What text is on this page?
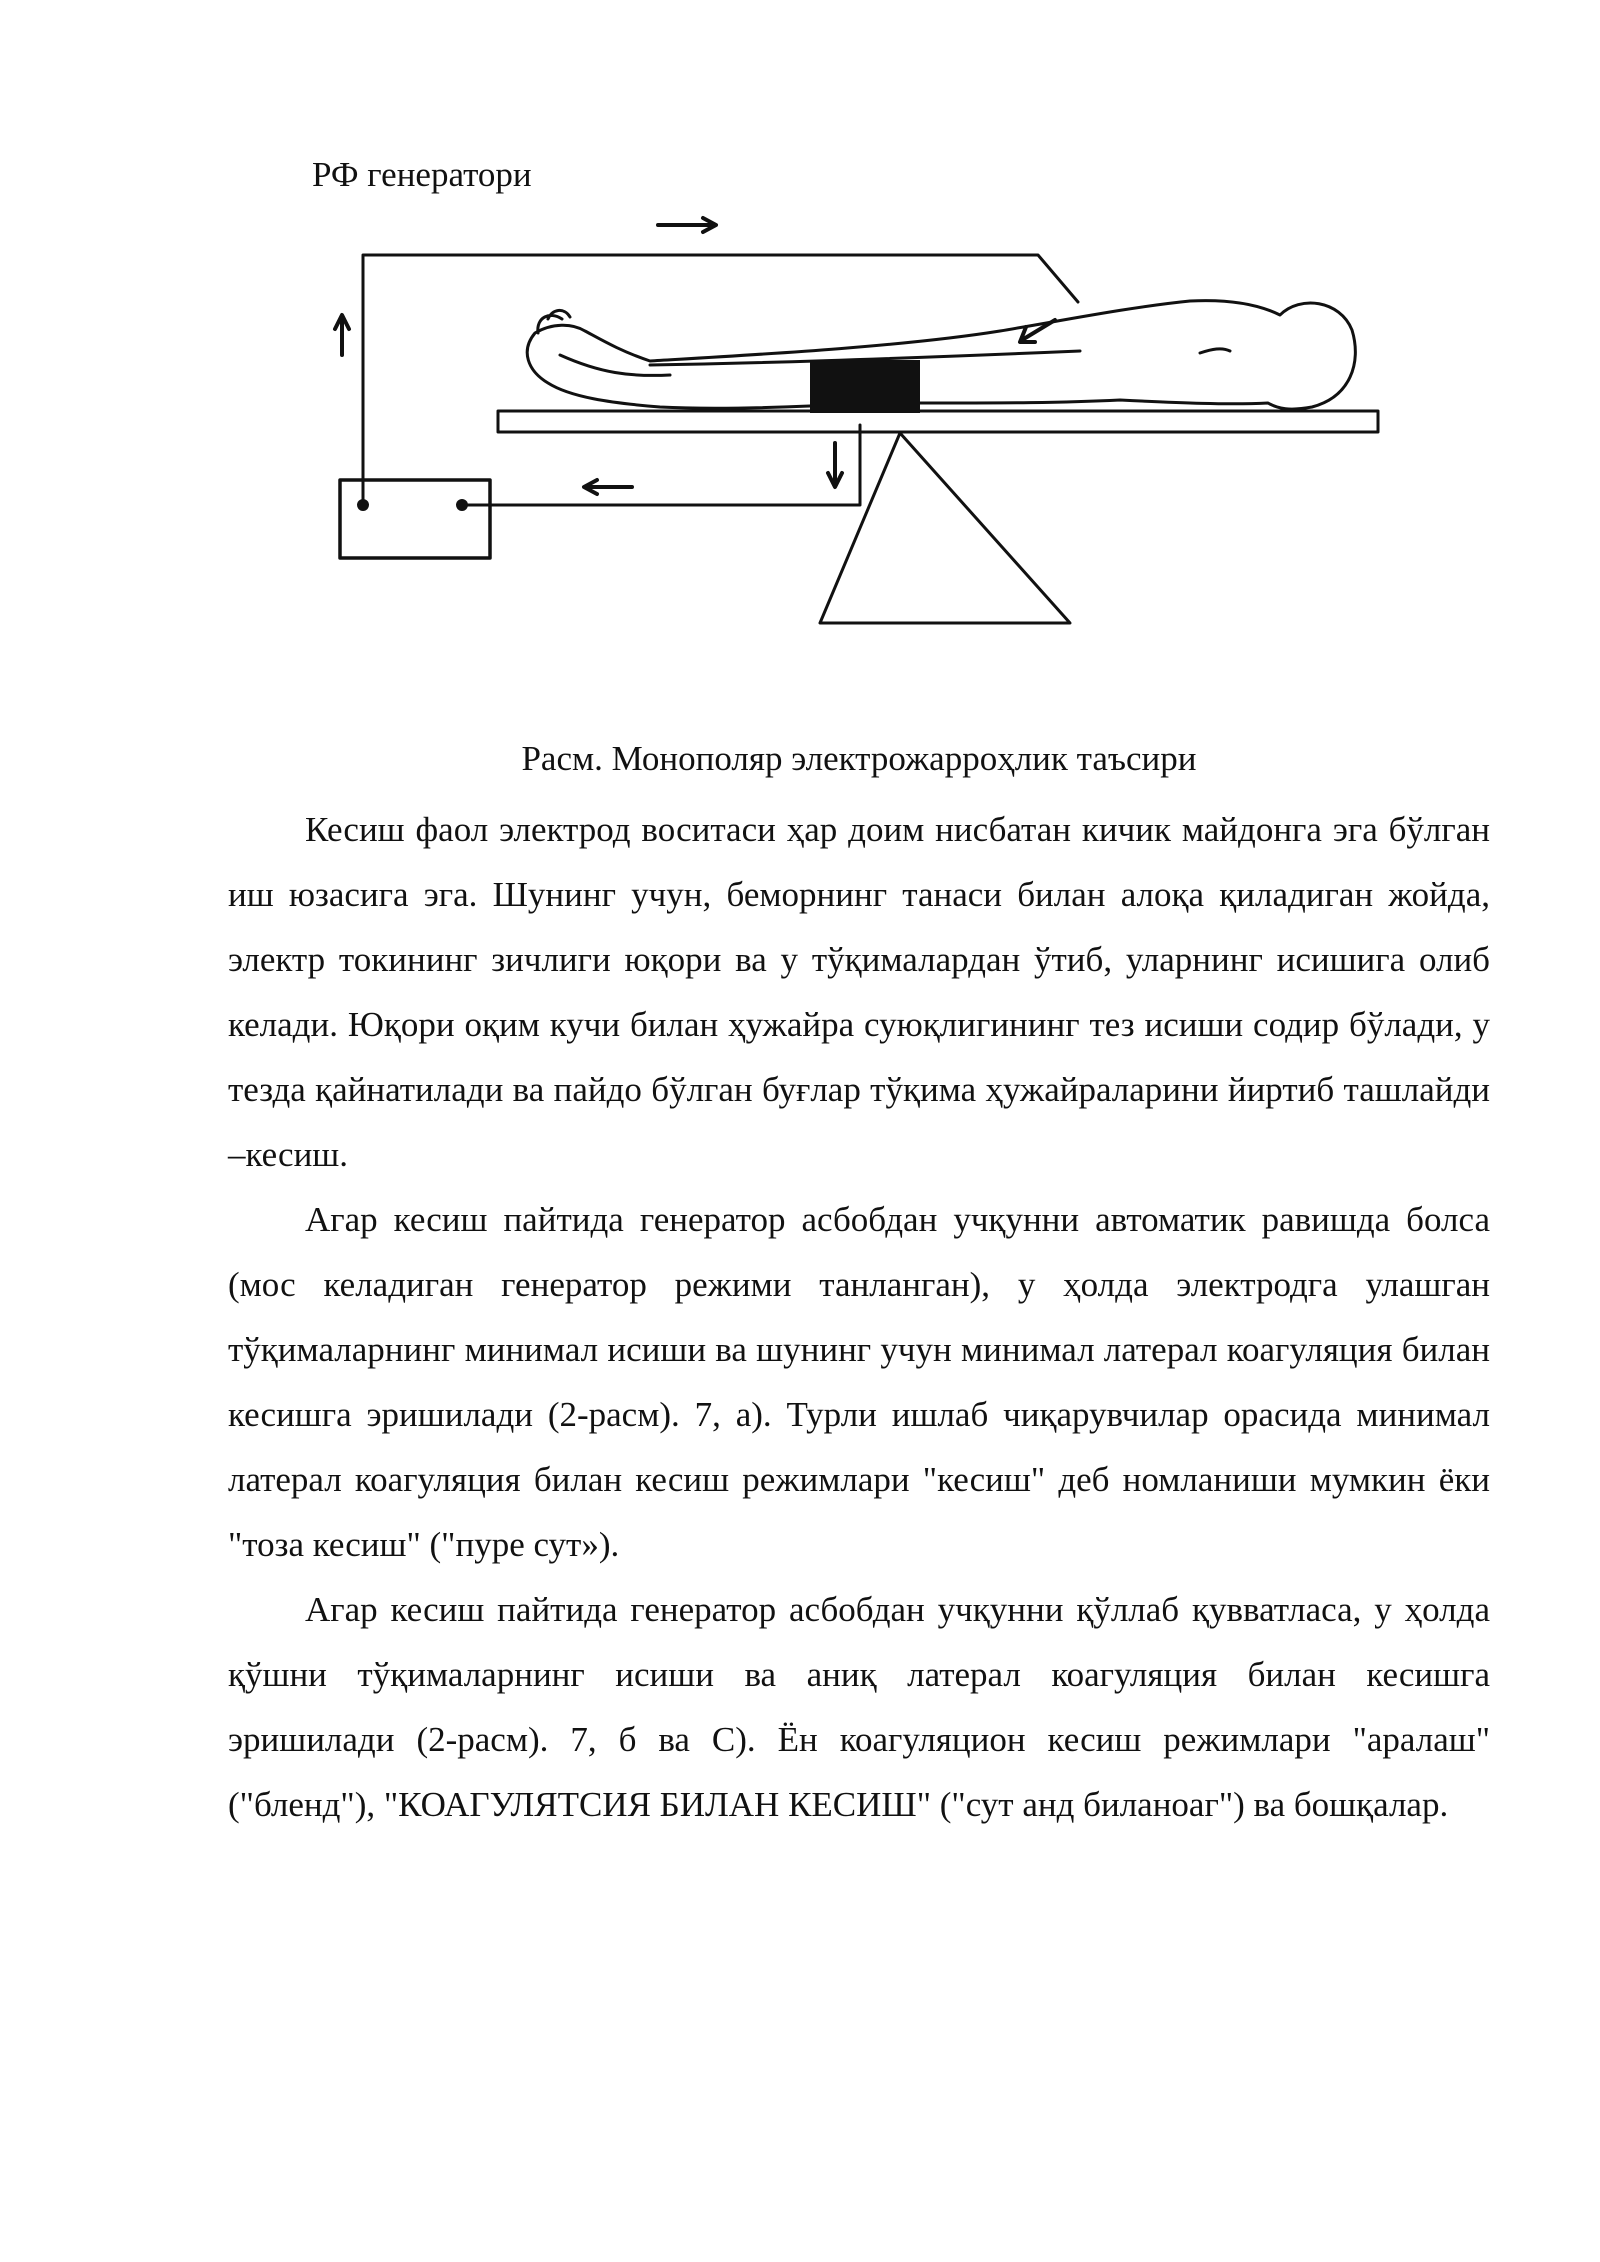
РФ генератори
Расм. Монополяр электрожарроҳлик таъсири

Кесиш фаол электрод воситаси ҳар доим нисбатан кичик майдонга эга бўлган иш юзасига эга. Шунинг учун, беморнинг танаси билан алоқа қиладиган жойда, электр токининг зичлиги юқори ва у тўқималардан ўтиб, уларнинг исишига олиб келади. Юқори оқим кучи билан ҳужайра суюқлигининг тез исиши содир бўлади, у тезда қайнатилади ва пайдо бўлган буғлар тўқима ҳужайраларини йиртиб ташлайди –кесиш.

Агар кесиш пайтида генератор асбобдан учқунни автоматик равишда болса (мос келадиган генератор режими танланган), у ҳолда электродга улашган тўқималарнинг минимал исиши ва шунинг учун минимал латерал коагуляция билан кесишга эришилади (2-расм). 7, а). Турли ишлаб чиқарувчилар орасида минимал латерал коагуляция билан кесиш режимлари "кесиш" деб номланиши мумкин ёки "тоза кесиш" ("пуре сут»).

Агар кесиш пайтида генератор асбобдан учқунни қўллаб қувватласа, у ҳолда қўшни тўқималарнинг исиши ва аниқ латерал коагуляция билан кесишга эришилади (2-расм). 7, б ва С). Ён коагуляцион кесиш режимлари "аралаш" ("бленд"), "КОАГУЛЯТСИЯ БИЛАН КЕСИШ" ("сут анд биланоаг") ва бошқалар.
